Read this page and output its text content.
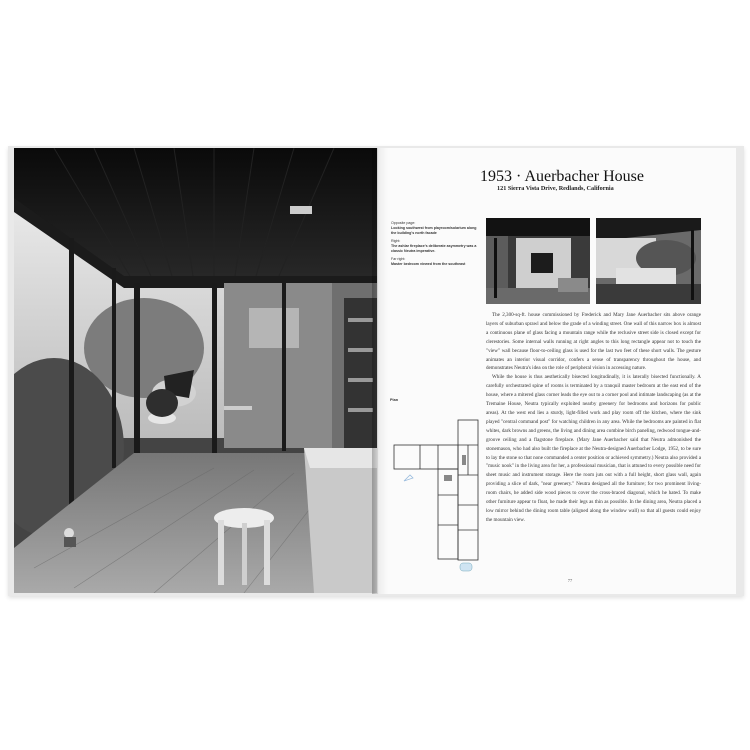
1953 · Auerbacher House
121 Sierra Vista Drive, Redlands, California
Opposite page:
Looking southwest from playroom/solarium along the building's north facade
Right:
The ashlar fireplace's deliberate asymmetry was a classic Neutra imperative.
Far right:
Master bedroom viewed from the southeast

The 2,300-sq-ft. house commissioned by Frederick and Mary Jane Auerbacher sits above orange layers of suburban sprawl and below the grade of a winding street. One wall of this narrow box is almost a continuous plane of glass facing a mountain range while the reclusive street side is closed except for clerestories. Some internal walls running at right angles to this long rectangle appear not to touch the "view" wall because floor-to-ceiling glass is used for the last two feet of these short walls. The gesture animates an interior visual corridor, confers a sense of transparency throughout the house, and demonstrates Neutra's idea on the role of peripheral vision in accessing nature.

While the house is thus aesthetically bisected longitudinally, it is laterally bisected functionally. A carefully orchestrated spine of rooms is terminated by a tranquil master bedroom at the east end of the house, where a mitered glass corner leads the eye out to a corner pool and intimate landscaping (as at the Tremaine House, Neutra typically exploited nearby greenery for bedrooms and horizons for public areas). At the west end lies a sturdy, light-filled work and play room off the kitchen, where the sink played "central command post" for watching children in any area. While the bedrooms are painted in flat whites, dark browns and greens, the living and dining area combine birch paneling, redwood tongue-and-groove ceiling and a flagstone fireplace. (Mary Jane Auerbacher said that Neutra admonished the stonemason, who had also built the fireplace at the Neutra-designed Auerbacher Lodge, 1952, to be sure to lay the stone so that none commanded a center position or achieved symmetry.) Neutra also provided a "music nook" in the living area for her, a professional musician, that is attuned to every possible need for sheet music and instrument storage. Here the room juts out with a full height, short glass wall, again providing a slice of dark, "near greenery." Neutra designed all the furniture; for two prominent living-room chairs, he added side wood pieces to cover the cross-braced diagonal, which he hated. To make other furniture appear to float, he made their legs as thin as possible. In the dining area, Neutra placed a low mirror behind the dining room table (aligned along the window wall) so that all guests could enjoy the mountain view.

Plan
77
